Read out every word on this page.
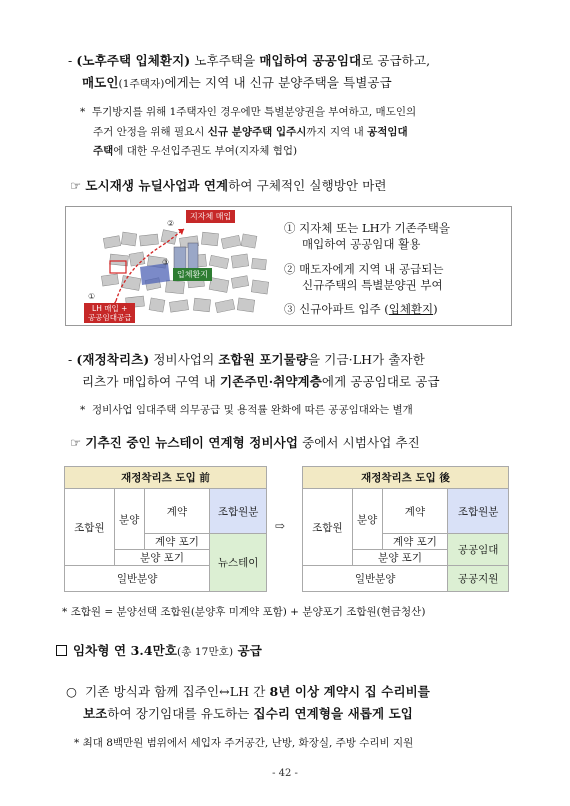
- (노후주택 입체환지) 노후주택을 매입하여 공공임대로 공급하고,
매도인(1주택자)에게는 지역 내 신규 분양주택을 특별공급
* 투기방지를 위해 1주택자인 경우에만 특별분양권을 부여하고, 매도인의
주거 안정을 위해 필요시 신규 분양주택 입주시까지 지역 내 공적임대
주택에 대한 우선입주권도 부여(지자체 협업)
☞ 도시재생 뉴딜사업과 연계하여 구체적인 실행방안 마련
②
①
③
지자체 매입
입체환지
LH 매입 +
공공임대공급
① 지자체 또는 LH가 기존주택을
매입하여 공공임대 활용
② 매도자에게 지역 내 공급되는
신규주택의 특별분양권 부여
③ 신규아파트 입주 (입체환지)
- (재정착리츠) 정비사업의 조합원 포기물량을 기금·LH가 출자한
리츠가 매입하여 구역 내 기존주민·취약계층에게 공공임대로 공급
* 정비사업 임대주택 의무공급 및 용적률 완화에 따른 공공임대와는 별개
☞ 기추진 중인 뉴스테이 연계형 정비사업 중에서 시범사업 추진
재정착리츠 도입 前			
조합원	분양	계약	조합원분
		계약 포기	뉴스테이
	분양 포기		
일반분양			
⇨
재정착리츠 도입 後			
조합원	분양	계약	조합원분
		계약 포기	공공임대
	분양 포기		
일반분양			공공지원
* 조합원 = 분양선택 조합원(분양후 미계약 포함) + 분양포기 조합원(현금청산)
임차형 연 3.4만호(총 17만호) 공급
○ 기존 방식과 함께 집주인↔LH 간 8년 이상 계약시 집 수리비를
보조하여 장기임대를 유도하는 집수리 연계형을 새롭게 도입
* 최대 8백만원 범위에서 세입자 주거공간, 난방, 화장실, 주방 수리비 지원
- 42 -
